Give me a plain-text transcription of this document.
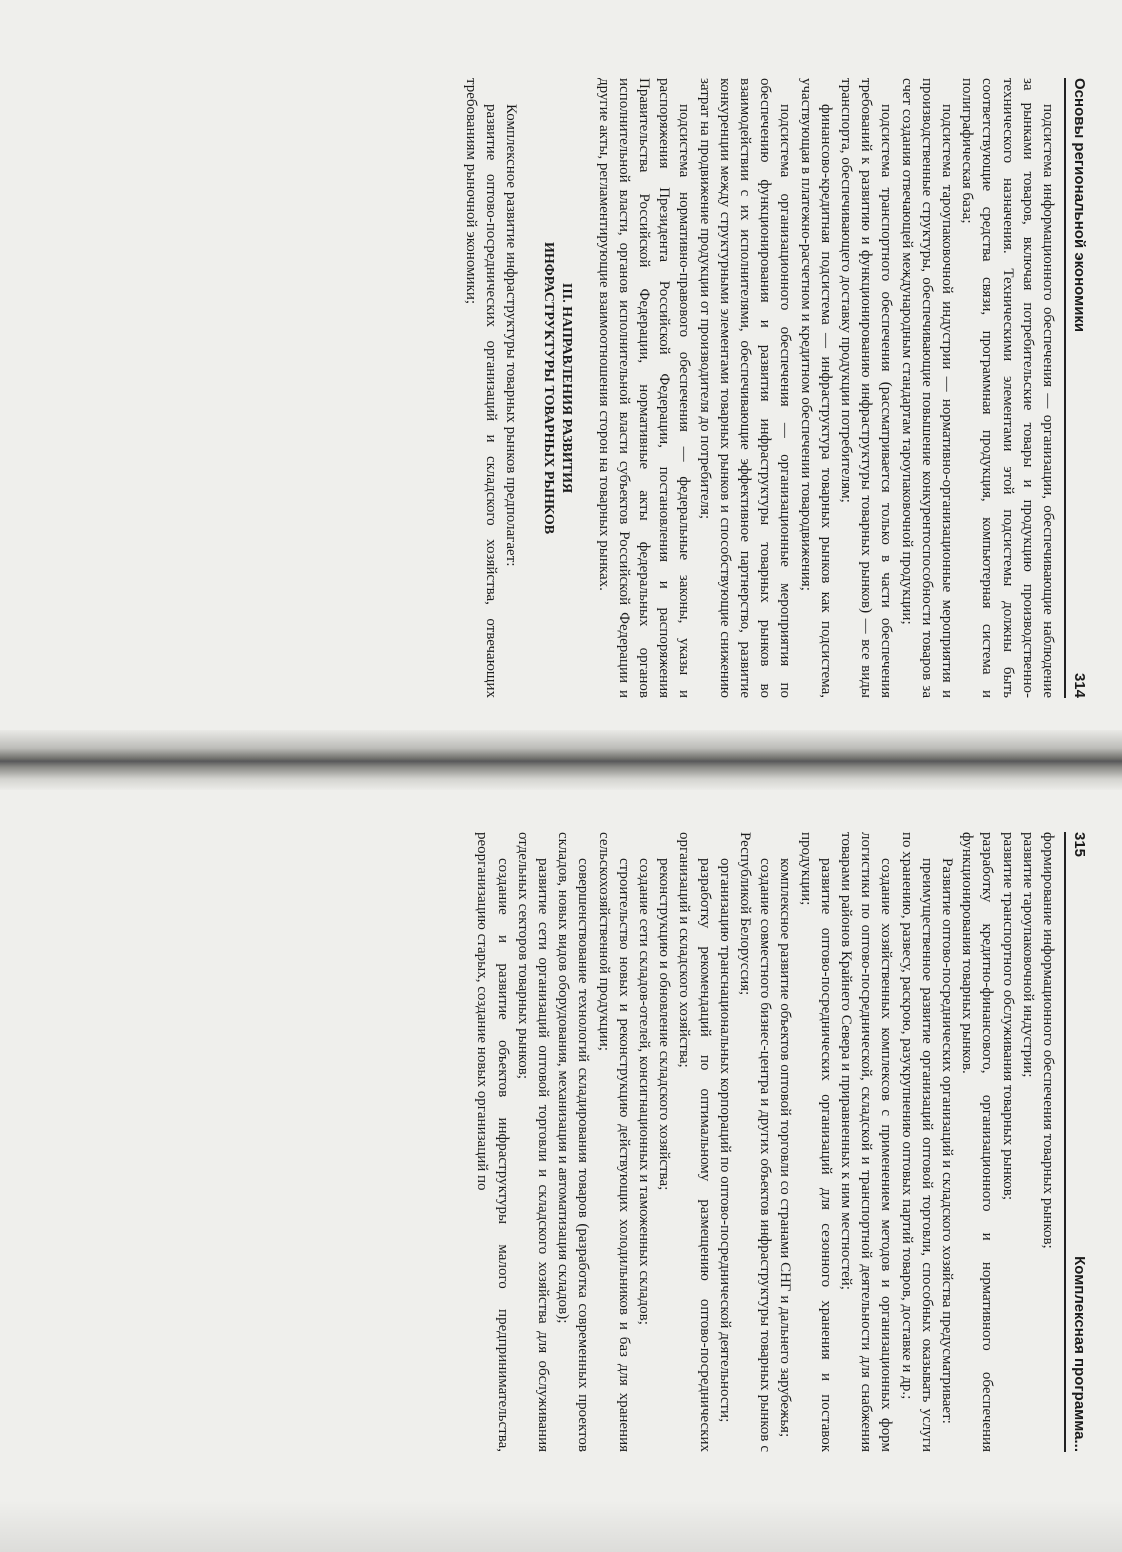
Основы региональной экономики
314

подсистема информационного обеспечения — организации, обеспечивающие наблюдение за рынками товаров, включая потребительские товары и продукцию производственно-технического назначения. Техническими элементами этой подсистемы должны быть соответствующие средства связи, программная продукция, компьютерная система и полиграфическая база;

подсистема тароупаковочной индустрии — нормативно-организационные мероприятия и производственные структуры, обеспечивающие повышение конкурентоспособности товаров за счет создания отвечающей международным стандартам тароупаковочной продукции;

подсистема транспортного обеспечения (рассматривается только в части обеспечения требований к развитию и функционированию инфраструктуры товарных рынков) — все виды транспорта, обеспечивающего доставку продукции потребителям;

финансово-кредитная подсистема — инфраструктура товарных рынков как подсистема, участвующая в платежно-расчетном и кредитном обеспечении товародвижения;

подсистема организационного обеспечения — организационные мероприятия по обеспечению функционирования и развития инфраструктуры товарных рынков во взаимодействии с их исполнителями, обеспечивающие эффективное партнерство, развитие конкуренции между структурными элементами товарных рынков и способствующие снижению затрат на продвижение продукции от производителя до потребителя;

подсистема нормативно-правового обеспечения — федеральные законы, указы и распоряжения Президента Российской Федерации, постановления и распоряжения Правительства Российской Федерации, нормативные акты федеральных органов исполнительной власти, органов исполнительной власти субъектов Российской Федерации и другие акты, регламентирующие взаимоотношения сторон на товарных рынках.

III. НАПРАВЛЕНИЯ РАЗВИТИЯ
ИНФРАСТРУКТУРЫ ТОВАРНЫХ РЫНКОВ

Комплексное развитие инфраструктуры товарных рынков предполагает:

развитие оптово-посреднических организаций и складского хозяйства, отвечающих требованиям рыночной экономики;

315
Комплексная программа...

формирование информационного обеспечения товарных рынков;

развитие тароупаковочной индустрии;

развитие транспортного обслуживания товарных рынков;

разработку кредитно-финансового, организационного и нормативного обеспечения функционирования товарных рынков.

Развитие оптово-посреднических организаций и складского хозяйства предусматривает:

преимущественное развитие организаций оптовой торговли, способных оказывать услуги по хранению, развесу, раскрою, разукрупнению оптовых партий товаров, доставке и др.;

создание хозяйственных комплексов с применением методов и организационных форм логистики по оптово-посреднической, складской и транспортной деятельности для снабжения товарами районов Крайнего Севера и приравненных к ним местностей;

развитие оптово-посреднических организаций для сезонного хранения и поставок продукции;

комплексное развитие объектов оптовой торговли со странами СНГ и дальнего зарубежья;

создание совместного бизнес-центра и других объектов инфраструктуры товарных рынков с Республикой Белоруссия;

организацию транснациональных корпораций по оптово-посреднической деятельности;

разработку рекомендаций по оптимальному размещению оптово-посреднических организаций и складского хозяйства;

реконструкцию и обновление складского хозяйства;

создание сети складов-отелей, консигнационных и таможенных складов;

строительство новых и реконструкцию действующих холодильников и баз для хранения сельскохозяйственной продукции;

совершенствование технологий складирования товаров (разработка современных проектов складов, новых видов оборудования, механизация и автоматизация складов);

развитие сети организаций оптовой торговли и складского хозяйства для обслуживания отдельных секторов товарных рынков;

создание и развитие объектов инфраструктуры малого предпринимательства, реорганизацию старых, создание новых организаций по
